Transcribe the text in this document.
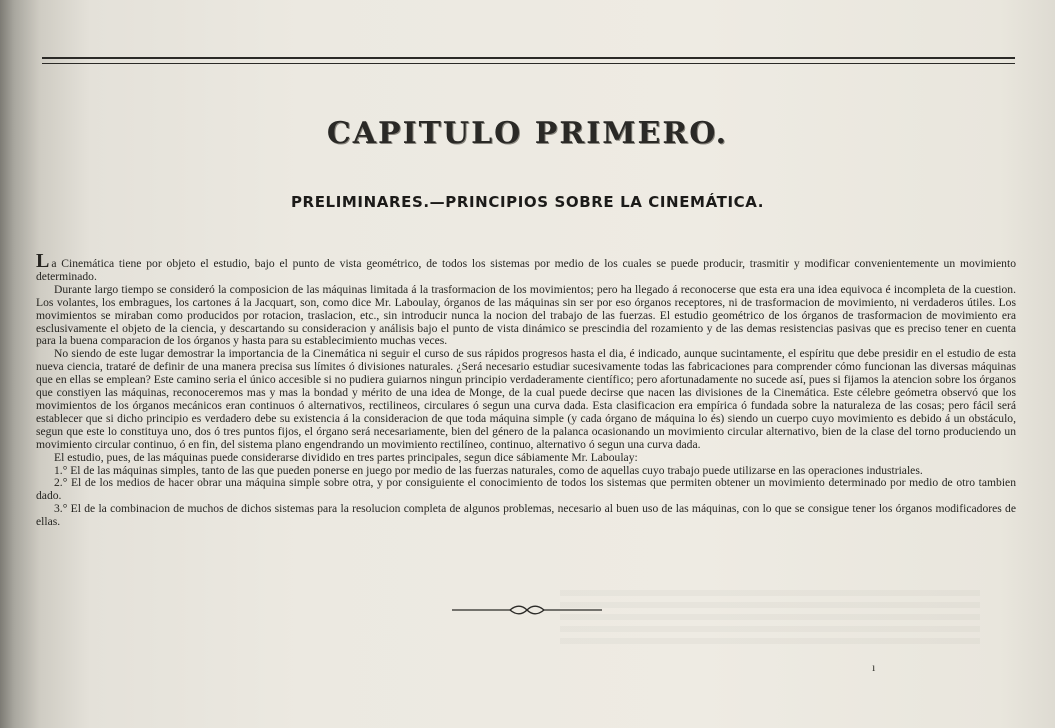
CAPITULO PRIMERO.
PRELIMINARES.—PRINCIPIOS SOBRE LA CINEMÁTICA.

La Cinemática tiene por objeto el estudio, bajo el punto de vista geométrico, de todos los sistemas por medio de los cuales se puede producir, trasmitir y modificar convenientemente un movimiento determinado.

Durante largo tiempo se consideró la composicion de las máquinas limitada á la trasformacion de los movimientos; pero ha llegado á reconocerse que esta era una idea equivoca é incompleta de la cuestion. Los volantes, los embragues, los cartones á la Jacquart, son, como dice Mr. Laboulay, órganos de las máquinas sin ser por eso órganos receptores, ni de trasformacion de movimiento, ni verdaderos útiles. Los movimientos se miraban como producidos por rotacion, traslacion, etc., sin introducir nunca la nocion del trabajo de las fuerzas. El estudio geométrico de los órganos de trasformacion de movimiento era esclusivamente el objeto de la ciencia, y descartando su consideracion y análisis bajo el punto de vista dinámico se prescindia del rozamiento y de las demas resistencias pasivas que es preciso tener en cuenta para la buena comparacion de los órganos y hasta para su establecimiento muchas veces.

No siendo de este lugar demostrar la importancia de la Cinemática ni seguir el curso de sus rápidos progresos hasta el dia, é indicado, aunque sucintamente, el espíritu que debe presidir en el estudio de esta nueva ciencia, trataré de definir de una manera precisa sus límites ó divisiones naturales. ¿Será necesario estudiar sucesivamente todas las fabricaciones para comprender cómo funcionan las diversas máquinas que en ellas se emplean? Este camino seria el único accesible si no pudiera guiarnos ningun principio verdaderamente científico; pero afortunadamente no sucede así, pues si fijamos la atencion sobre los órganos que constiyen las máquinas, reconoceremos mas y mas la bondad y mérito de una idea de Monge, de la cual puede decirse que nacen las divisiones de la Cinemática. Este célebre geómetra observó que los movimientos de los órganos mecánicos eran continuos ó alternativos, rectilineos, circulares ó segun una curva dada. Esta clasificacion era empírica ó fundada sobre la naturaleza de las cosas; pero fácil será establecer que si dicho principio es verdadero debe su existencia á la consideracion de que toda máquina simple (y cada órgano de máquina lo és) siendo un cuerpo cuyo movimiento es debido á un obstáculo, segun que este lo constituya uno, dos ó tres puntos fijos, el órgano será necesariamente, bien del género de la palanca ocasionando un movimiento circular alternativo, bien de la clase del torno produciendo un movimiento circular continuo, ó en fin, del sistema plano engendrando un movimiento rectilíneo, continuo, alternativo ó segun una curva dada.

El estudio, pues, de las máquinas puede considerarse dividido en tres partes principales, segun dice sábiamente Mr. Laboulay:

1.° El de las máquinas simples, tanto de las que pueden ponerse en juego por medio de las fuerzas naturales, como de aquellas cuyo trabajo puede utilizarse en las operaciones industriales.

2.° El de los medios de hacer obrar una máquina simple sobre otra, y por consiguiente el conocimiento de todos los sistemas que permiten obtener un movimiento determinado por medio de otro tambien dado.

3.° El de la combinacion de muchos de dichos sistemas para la resolucion completa de algunos problemas, necesario al buen uso de las máquinas, con lo que se consigue tener los órganos modificadores de ellas.

ı
